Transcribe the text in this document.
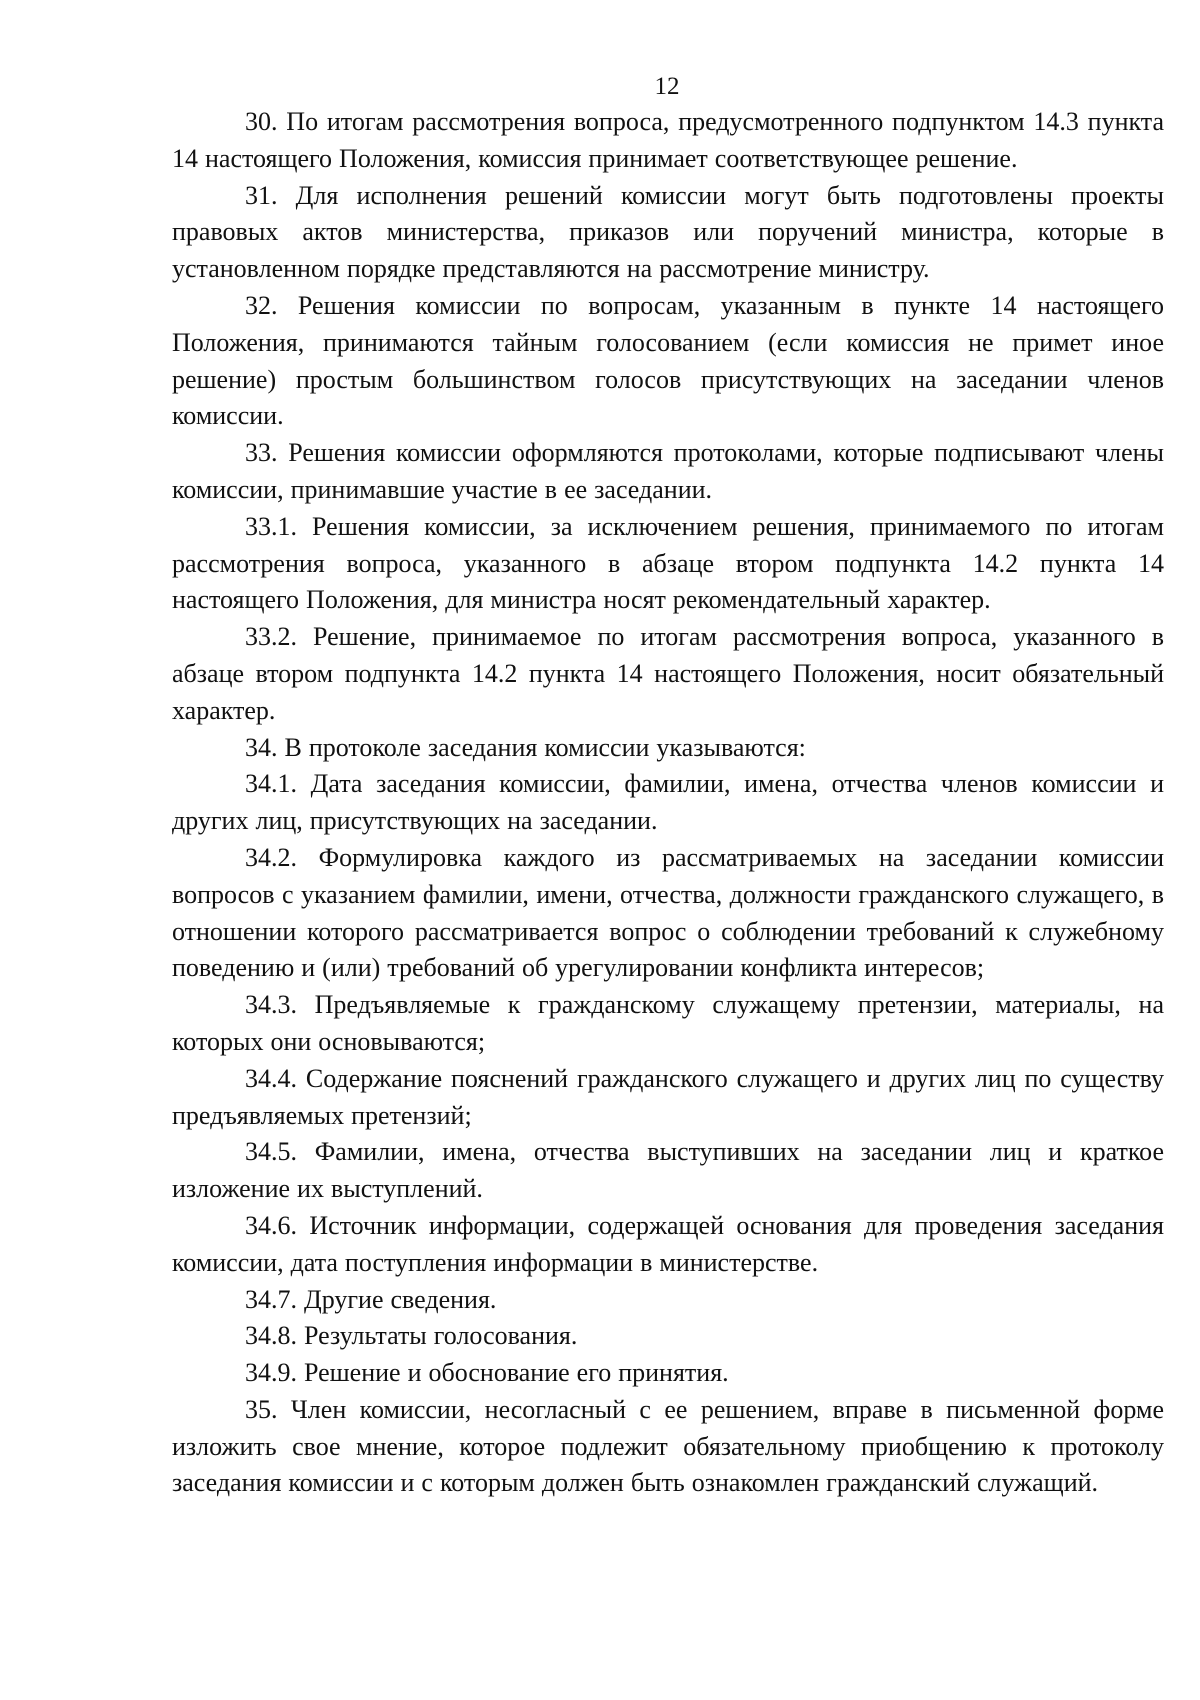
12

30. По итогам рассмотрения вопроса, предусмотренного подпунктом 14.3 пункта 14 настоящего Положения, комиссия принимает соответствующее решение.

31. Для исполнения решений комиссии могут быть подготовлены проекты правовых актов министерства, приказов или поручений министра, которые в установленном порядке представляются на рассмотрение министру.

32. Решения комиссии по вопросам, указанным в пункте 14 настоящего Положения, принимаются тайным голосованием (если комиссия не примет иное решение) простым большинством голосов присутствующих на заседании членов комиссии.

33. Решения комиссии оформляются протоколами, которые подписывают члены комиссии, принимавшие участие в ее заседании.

33.1. Решения комиссии, за исключением решения, принимаемого по итогам рассмотрения вопроса, указанного в абзаце втором подпункта 14.2 пункта 14 настоящего Положения, для министра носят рекомендательный характер.

33.2. Решение, принимаемое по итогам рассмотрения вопроса, указанного в абзаце втором подпункта 14.2 пункта 14 настоящего Положения, носит обязательный характер.

34. В протоколе заседания комиссии указываются:

34.1. Дата заседания комиссии, фамилии, имена, отчества членов комиссии и других лиц, присутствующих на заседании.

34.2. Формулировка каждого из рассматриваемых на заседании комиссии вопросов с указанием фамилии, имени, отчества, должности гражданского служащего, в отношении которого рассматривается вопрос о соблюдении требований к служебному поведению и (или) требований об урегулировании конфликта интересов;

34.3. Предъявляемые к гражданскому служащему претензии, материалы, на которых они основываются;

34.4. Содержание пояснений гражданского служащего и других лиц по существу предъявляемых претензий;

34.5. Фамилии, имена, отчества выступивших на заседании лиц и краткое изложение их выступлений.

34.6. Источник информации, содержащей основания для проведения заседания комиссии, дата поступления информации в министерстве.

34.7. Другие сведения.

34.8. Результаты голосования.

34.9. Решение и обоснование его принятия.

35. Член комиссии, несогласный с ее решением, вправе в письменной форме изложить свое мнение, которое подлежит обязательному приобщению к протоколу заседания комиссии и с которым должен быть ознакомлен гражданский служащий.
